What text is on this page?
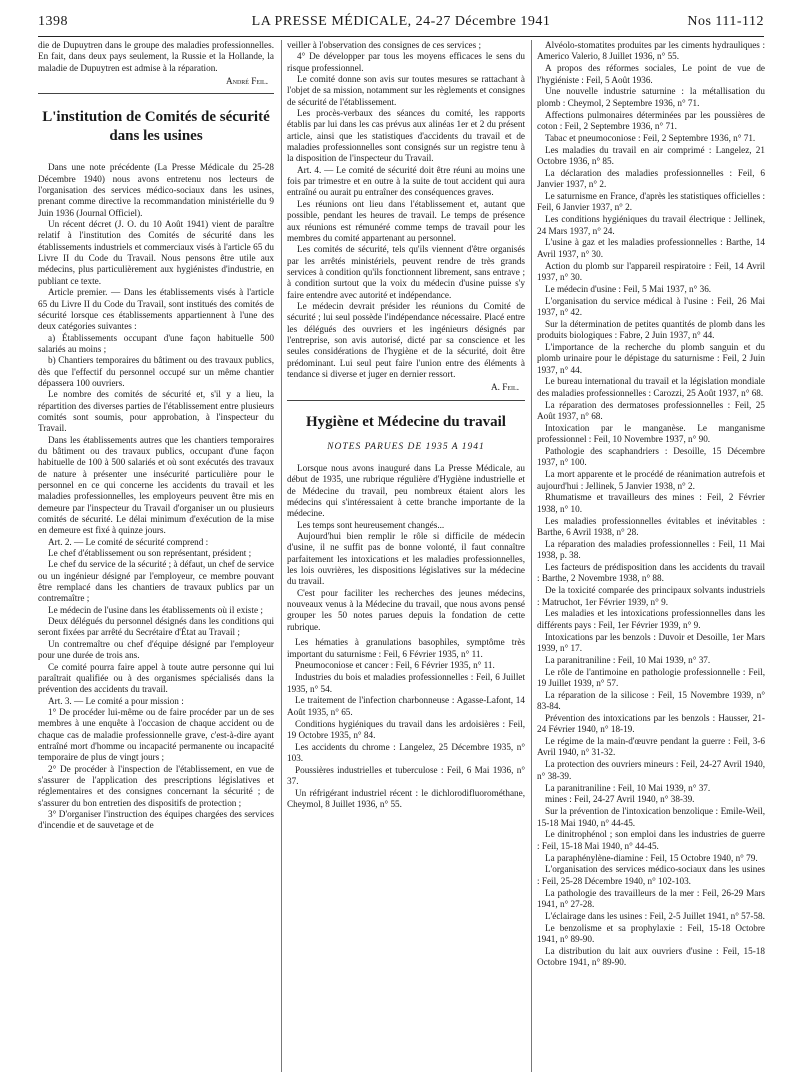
1398	LA PRESSE MÉDICALE, 24-27 Décembre 1941	Nos 111-112

die de Dupuytren dans le groupe des maladies professionnelles. En fait, dans deux pays seulement, la Russie et la Hollande, la maladie de Dupuytren est admise à la réparation.

André Feil.

L'institution de Comités de sécurité dans les usines

Dans une note précédente (La Presse Médicale du 25-28 Décembre 1940) nous avons entretenu nos lecteurs de l'organisation des services médico-sociaux dans les usines, prenant comme directive la recommandation ministérielle du 9 Juin 1936 (Journal Officiel).

Un récent décret (J. O. du 10 Août 1941) vient de paraître relatif à l'institution des Comités de sécurité dans les établissements industriels et commerciaux visés à l'article 65 du Livre II du Code du Travail. Nous pensons être utile aux médecins, plus particulièrement aux hygiénistes d'industrie, en publiant ce texte.

Article premier. — Dans les établissements visés à l'article 65 du Livre II du Code du Travail, sont institués des comités de sécurité lorsque ces établissements appartiennent à l'une des deux catégories suivantes :

a) Établissements occupant d'une façon habituelle 500 salariés au moins ;

b) Chantiers temporaires du bâtiment ou des travaux publics, dès que l'effectif du personnel occupé sur un même chantier dépassera 100 ouvriers.

Le nombre des comités de sécurité et, s'il y a lieu, la répartition des diverses parties de l'établissement entre plusieurs comités sont soumis, pour approbation, à l'inspecteur du Travail.

Dans les établissements autres que les chantiers temporaires du bâtiment ou des travaux publics, occupant d'une façon habituelle de 100 à 500 salariés et où sont exécutés des travaux de nature à présenter une insécurité particulière pour le personnel en ce qui concerne les accidents du travail et les maladies professionnelles, les employeurs peuvent être mis en demeure par l'inspecteur du Travail d'organiser un ou plusieurs comités de sécurité. Le délai minimum d'exécution de la mise en demeure est fixé à quinze jours.

Art. 2. — Le comité de sécurité comprend :

Le chef d'établissement ou son représentant, président ;

Le chef du service de la sécurité ; à défaut, un chef de service ou un ingénieur désigné par l'employeur, ce membre pouvant être remplacé dans les chantiers de travaux publics par un contremaître ;

Le médecin de l'usine dans les établissements où il existe ;

Deux délégués du personnel désignés dans les conditions qui seront fixées par arrêté du Secrétaire d'État au Travail ;

Un contremaître ou chef d'équipe désigné par l'employeur pour une durée de trois ans.

Ce comité pourra faire appel à toute autre personne qui lui paraîtrait qualifiée ou à des organismes spécialisés dans la prévention des accidents du travail.

Art. 3. — Le comité a pour mission :

1° De procéder lui-même ou de faire procéder par un de ses membres à une enquête à l'occasion de chaque accident ou de chaque cas de maladie professionnelle grave, c'est-à-dire ayant entraîné mort d'homme ou incapacité permanente ou incapacité temporaire de plus de vingt jours ;

2° De procéder à l'inspection de l'établissement, en vue de s'assurer de l'application des prescriptions législatives et réglementaires et des consignes concernant la sécurité ; de s'assurer du bon entretien des dispositifs de protection ;

3° D'organiser l'instruction des équipes chargées des services d'incendie et de sauvetage et de

veiller à l'observation des consignes de ces services ;

4° De développer par tous les moyens efficaces le sens du risque professionnel.

Le comité donne son avis sur toutes mesures se rattachant à l'objet de sa mission, notamment sur les règlements et consignes de sécurité de l'établissement.

Les procès-verbaux des séances du comité, les rapports établis par lui dans les cas prévus aux alinéas 1er et 2 du présent article, ainsi que les statistiques d'accidents du travail et de maladies professionnelles sont consignés sur un registre tenu à la disposition de l'inspecteur du Travail.

Art. 4. — Le comité de sécurité doit être réuni au moins une fois par trimestre et en outre à la suite de tout accident qui aura entraîné ou aurait pu entraîner des conséquences graves.

Les réunions ont lieu dans l'établissement et, autant que possible, pendant les heures de travail. Le temps de présence aux réunions est rémunéré comme temps de travail pour les membres du comité appartenant au personnel.

Les comités de sécurité, tels qu'ils viennent d'être organisés par les arrêtés ministériels, peuvent rendre de très grands services à condition qu'ils fonctionnent librement, sans entrave ; à condition surtout que la voix du médecin d'usine puisse s'y faire entendre avec autorité et indépendance.

Le médecin devrait présider les réunions du Comité de sécurité ; lui seul possède l'indépendance nécessaire. Placé entre les délégués des ouvriers et les ingénieurs désignés par l'entreprise, son avis autorisé, dicté par sa conscience et les seules considérations de l'hygiène et de la sécurité, doit être prédominant. Lui seul peut faire l'union entre des éléments à tendance si diverse et juger en dernier ressort.

A. Feil.

Hygiène et Médecine du travail

NOTES PARUES DE 1935 A 1941

Lorsque nous avons inauguré dans La Presse Médicale, au début de 1935, une rubrique régulière d'Hygiène industrielle et de Médecine du travail, peu nombreux étaient alors les médecins qui s'intéressaient à cette branche importante de la médecine.

Les temps sont heureusement changés...

Aujourd'hui bien remplir le rôle si difficile de médecin d'usine, il ne suffit pas de bonne volonté, il faut connaître parfaitement les intoxications et les maladies professionnelles, les lois ouvrières, les dispositions législatives sur la médecine du travail.

C'est pour faciliter les recherches des jeunes médecins, nouveaux venus à la Médecine du travail, que nous avons pensé grouper les 50 notes parues depuis la fondation de cette rubrique.

Les hématies à granulations basophiles, symptôme très important du saturnisme : Feil, 6 Février 1935, n° 11.

Pneumoconiose et cancer : Feil, 6 Février 1935, n° 11.

Industries du bois et maladies professionnelles : Feil, 6 Juillet 1935, n° 54.

Le traitement de l'infection charbonneuse : Agasse-Lafont, 14 Août 1935, n° 65.

Conditions hygiéniques du travail dans les ardoisières : Feil, 19 Octobre 1935, n° 84.

Les accidents du chrome : Langelez, 25 Décembre 1935, n° 103.

Poussières industrielles et tuberculose : Feil, 6 Mai 1936, n° 37.

Un réfrigérant industriel récent : le dichlorodifluorométhane, Cheymol, 8 Juillet 1936, n° 55.

Alvéolo-stomatites produites par les ciments hydrauliques : Americo Valerio, 8 Juillet 1936, n° 55.

A propos des réformes sociales, Le point de vue de l'hygiéniste : Feil, 5 Août 1936.

Une nouvelle industrie saturnine : la métallisation du plomb : Cheymol, 2 Septembre 1936, n° 71.

Affections pulmonaires déterminées par les poussières de coton : Feil, 2 Septembre 1936, n° 71.

Tabac et pneumoconiose : Feil, 2 Septembre 1936, n° 71.

Les maladies du travail en air comprimé : Langelez, 21 Octobre 1936, n° 85.

La déclaration des maladies professionnelles : Feil, 6 Janvier 1937, n° 2.

Le saturnisme en France, d'après les statistiques officielles : Feil, 6 Janvier 1937, n° 2.

Les conditions hygiéniques du travail électrique : Jellinek, 24 Mars 1937, n° 24.

L'usine à gaz et les maladies professionnelles : Barthe, 14 Avril 1937, n° 30.

Action du plomb sur l'appareil respiratoire : Feil, 14 Avril 1937, n° 30.

Le médecin d'usine : Feil, 5 Mai 1937, n° 36.

L'organisation du service médical à l'usine : Feil, 26 Mai 1937, n° 42.

Sur la détermination de petites quantités de plomb dans les produits biologiques : Fabre, 2 Juin 1937, n° 44.

L'importance de la recherche du plomb sanguin et du plomb urinaire pour le dépistage du saturnisme : Feil, 2 Juin 1937, n° 44.

Le bureau international du travail et la législation mondiale des maladies professionnelles : Carozzi, 25 Août 1937, n° 68.

La réparation des dermatoses professionnelles : Feil, 25 Août 1937, n° 68.

Intoxication par le manganèse. Le manganisme professionnel : Feil, 10 Novembre 1937, n° 90.

Pathologie des scaphandriers : Desoille, 15 Décembre 1937, n° 100.

La mort apparente et le procédé de réanimation autrefois et aujourd'hui : Jellinek, 5 Janvier 1938, n° 2.

Rhumatisme et travailleurs des mines : Feil, 2 Février 1938, n° 10.

Les maladies professionnelles évitables et inévitables : Barthe, 6 Avril 1938, n° 28.

La réparation des maladies professionnelles : Feil, 11 Mai 1938, p. 38.

Les facteurs de prédisposition dans les accidents du travail : Barthe, 2 Novembre 1938, n° 88.

De la toxicité comparée des principaux solvants industriels : Matruchot, 1er Février 1939, n° 9.

Les maladies et les intoxications professionnelles dans les différents pays : Feil, 1er Février 1939, n° 9.

Intoxications par les benzols : Duvoir et Desoille, 1er Mars 1939, n° 17.

La paranitraniline : Feil, 10 Mai 1939, n° 37.

Le rôle de l'antimoine en pathologie professionnelle : Feil, 19 Juillet 1939, n° 57.

La réparation de la silicose : Feil, 15 Novembre 1939, n° 83-84.

Prévention des intoxications par les benzols : Hausser, 21-24 Février 1940, n° 18-19.

Le régime de la main-d'œuvre pendant la guerre : Feil, 3-6 Avril 1940, n° 31-32.

La protection des ouvriers mineurs : Feil, 24-27 Avril 1940, n° 38-39.

La paranitraniline : Feil, 10 Mai 1939, n° 37.

mines : Feil, 24-27 Avril 1940, n° 38-39.

Sur la prévention de l'intoxication benzolique : Emile-Weil, 15-18 Mai 1940, n° 44-45.

Le dinitrophénol ; son emploi dans les industries de guerre : Feil, 15-18 Mai 1940, n° 44-45.

La paraphénylène-diamine : Feil, 15 Octobre 1940, n° 79.

L'organisation des services médico-sociaux dans les usines : Feil, 25-28 Décembre 1940, n° 102-103.

La pathologie des travailleurs de la mer : Feil, 26-29 Mars 1941, n° 27-28.

L'éclairage dans les usines : Feil, 2-5 Juillet 1941, n° 57-58.

Le benzolisme et sa prophylaxie : Feil, 15-18 Octobre 1941, n° 89-90.

La distribution du lait aux ouvriers d'usine : Feil, 15-18 Octobre 1941, n° 89-90.
